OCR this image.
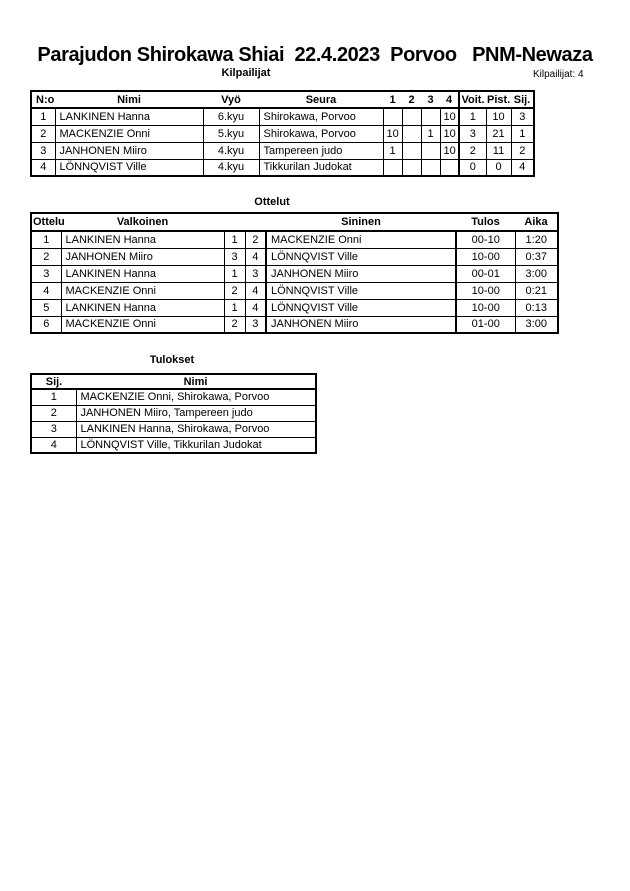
Parajudon Shirokawa Shiai  22.4.2023  Porvoo   PNM-Newaza
Kilpailijat	Kilpailijat: 4
N:o	Nimi	Vyö	Seura	1	2	3	4	Voit.	Pist.	Sij.
1	LANKINEN Hanna	6.kyu	Shirokawa, Porvoo				10	1	10	3
2	MACKENZIE Onni	5.kyu	Shirokawa, Porvoo	10		1	10	3	21	1
3	JANHONEN Miiro	4.kyu	Tampereen judo	1			10	2	11	2
4	LÖNNQVIST Ville	4.kyu	Tikkurilan Judokat					0	0	4
Ottelut
Ottelu	Valkoinen			Sininen	Tulos	Aika
1	LANKINEN Hanna	1	2	MACKENZIE Onni	00-10	1:20
2	JANHONEN Miiro	3	4	LÖNNQVIST Ville	10-00	0:37
3	LANKINEN Hanna	1	3	JANHONEN Miiro	00-01	3:00
4	MACKENZIE Onni	2	4	LÖNNQVIST Ville	10-00	0:21
5	LANKINEN Hanna	1	4	LÖNNQVIST Ville	10-00	0:13
6	MACKENZIE Onni	2	3	JANHONEN Miiro	01-00	3:00
Tulokset
Sij.	Nimi
1	MACKENZIE Onni, Shirokawa, Porvoo
2	JANHONEN Miiro, Tampereen judo
3	LANKINEN Hanna, Shirokawa, Porvoo
4	LÖNNQVIST Ville, Tikkurilan Judokat
